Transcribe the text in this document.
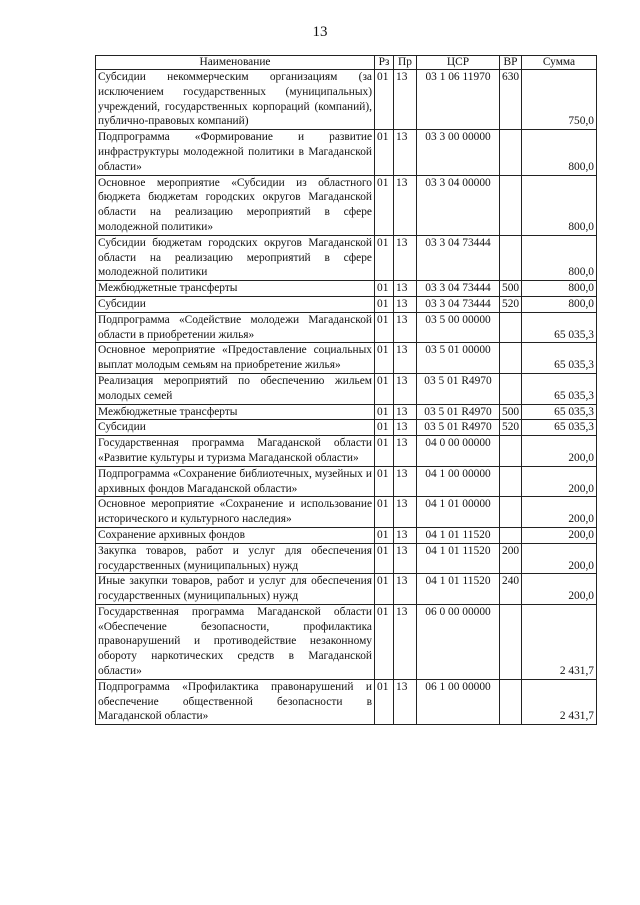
13
Наименование	Рз	Пр	ЦСР	ВР	Сумма
Субсидии некоммерческим организациям (за исключением государственных (муниципальных) учреждений, государственных корпораций (компаний), публично-правовых компаний)	01	13	03 1 06 11970	630	750,0
Подпрограмма «Формирование и развитие инфраструктуры молодежной политики в Магаданской области»	01	13	03 3 00 00000		800,0
Основное мероприятие «Субсидии из областного бюджета бюджетам городских округов Магаданской области на реализацию мероприятий в сфере молодежной политики»	01	13	03 3 04 00000		800,0
Субсидии бюджетам городских округов Магаданской области на реализацию мероприятий в сфере молодежной политики	01	13	03 3 04 73444		800,0
Межбюджетные трансферты	01	13	03 3 04 73444	500	800,0
Субсидии	01	13	03 3 04 73444	520	800,0
Подпрограмма «Содействие молодежи Магаданской области в приобретении жилья»	01	13	03 5 00 00000		65 035,3
Основное мероприятие «Предоставление социальных выплат молодым семьям на приобретение жилья»	01	13	03 5 01 00000		65 035,3
Реализация мероприятий по обеспечению жильем молодых семей	01	13	03 5 01 R4970		65 035,3
Межбюджетные трансферты	01	13	03 5 01 R4970	500	65 035,3
Субсидии	01	13	03 5 01 R4970	520	65 035,3
Государственная программа Магаданской области «Развитие культуры и туризма Магаданской области»	01	13	04 0 00 00000		200,0
Подпрограмма «Сохранение библиотечных, музейных и архивных фондов Магаданской области»	01	13	04 1 00 00000		200,0
Основное мероприятие «Сохранение и использование исторического и культурного наследия»	01	13	04 1 01 00000		200,0
Сохранение архивных фондов	01	13	04 1 01 11520		200,0
Закупка товаров, работ и услуг для обеспечения государственных (муниципальных) нужд	01	13	04 1 01 11520	200	200,0
Иные закупки товаров, работ и услуг для обеспечения государственных (муниципальных) нужд	01	13	04 1 01 11520	240	200,0
Государственная программа Магаданской области «Обеспечение безопасности, профилактика правонарушений и противодействие незаконному обороту наркотических средств в Магаданской области»	01	13	06 0 00 00000		2 431,7
Подпрограмма «Профилактика правонарушений и обеспечение общественной безопасности в Магаданской области»	01	13	06 1 00 00000		2 431,7
